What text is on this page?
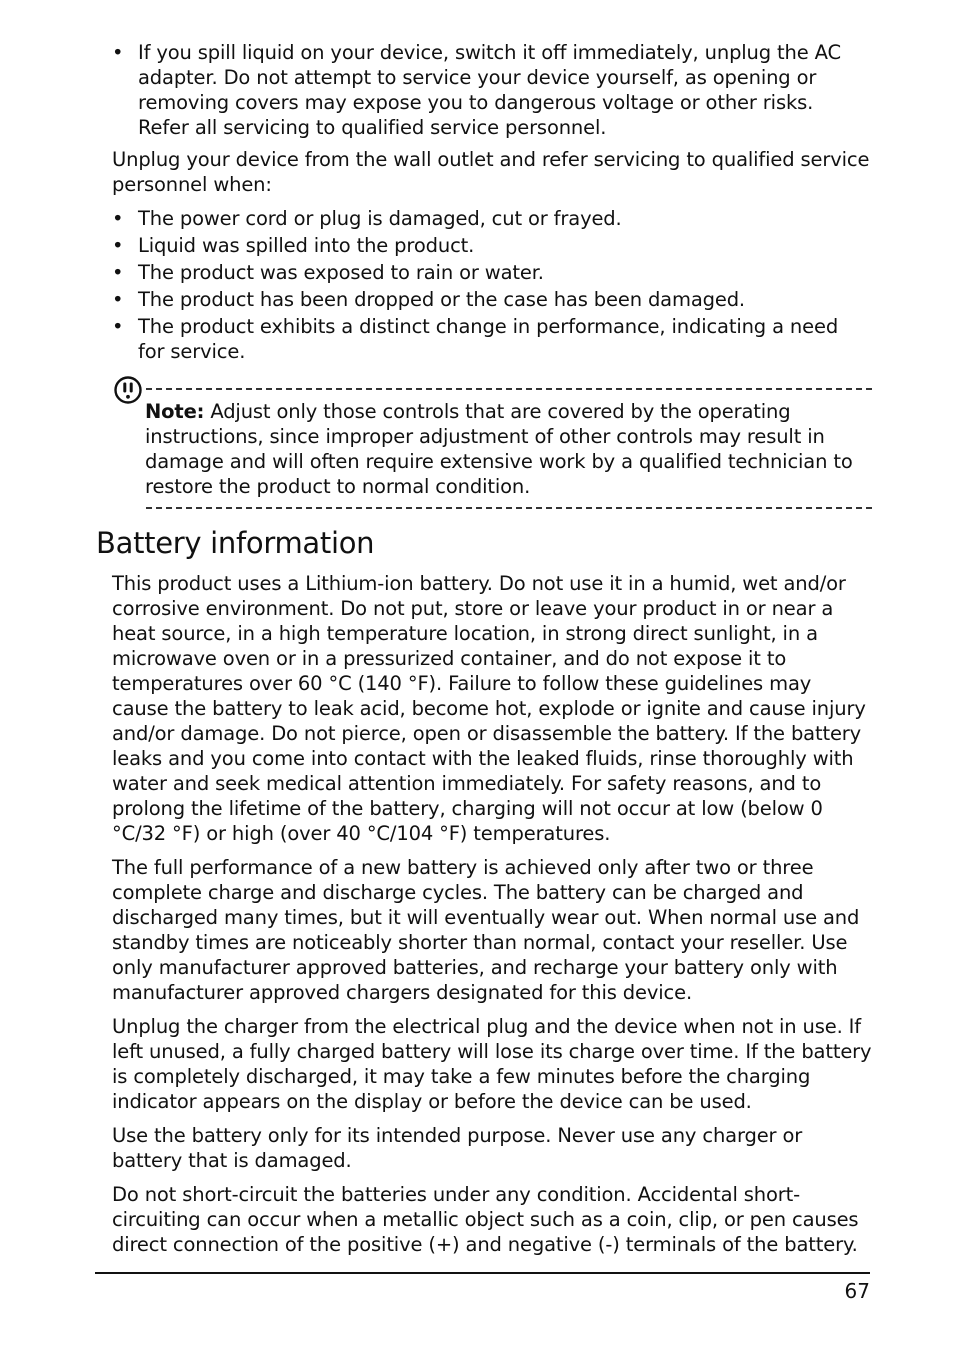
• If you spill liquid on your device, switch it off immediately, unplug the AC adapter. Do not attempt to service your device yourself, as opening or removing covers may expose you to dangerous voltage or other risks. Refer all servicing to qualified service personnel.

Unplug your device from the wall outlet and refer servicing to qualified service personnel when:

• The power cord or plug is damaged, cut or frayed.
• Liquid was spilled into the product.
• The product was exposed to rain or water.
• The product has been dropped or the case has been damaged.
• The product exhibits a distinct change in performance, indicating a need for service.

Note: Adjust only those controls that are covered by the operating instructions, since improper adjustment of other controls may result in damage and will often require extensive work by a qualified technician to restore the product to normal condition.

Battery information

This product uses a Lithium-ion battery. Do not use it in a humid, wet and/or corrosive environment. Do not put, store or leave your product in or near a heat source, in a high temperature location, in strong direct sunlight, in a microwave oven or in a pressurized container, and do not expose it to temperatures over 60 °C (140 °F). Failure to follow these guidelines may cause the battery to leak acid, become hot, explode or ignite and cause injury and/or damage. Do not pierce, open or disassemble the battery. If the battery leaks and you come into contact with the leaked fluids, rinse thoroughly with water and seek medical attention immediately. For safety reasons, and to prolong the lifetime of the battery, charging will not occur at low (below 0 °C/32 °F) or high (over 40 °C/104 °F) temperatures.

The full performance of a new battery is achieved only after two or three complete charge and discharge cycles. The battery can be charged and discharged many times, but it will eventually wear out. When normal use and standby times are noticeably shorter than normal, contact your reseller. Use only manufacturer approved batteries, and recharge your battery only with manufacturer approved chargers designated for this device.

Unplug the charger from the electrical plug and the device when not in use. If left unused, a fully charged battery will lose its charge over time. If the battery is completely discharged, it may take a few minutes before the charging indicator appears on the display or before the device can be used.

Use the battery only for its intended purpose. Never use any charger or battery that is damaged.

Do not short-circuit the batteries under any condition. Accidental short-circuiting can occur when a metallic object such as a coin, clip, or pen causes direct connection of the positive (+) and negative (-) terminals of the battery.

67
